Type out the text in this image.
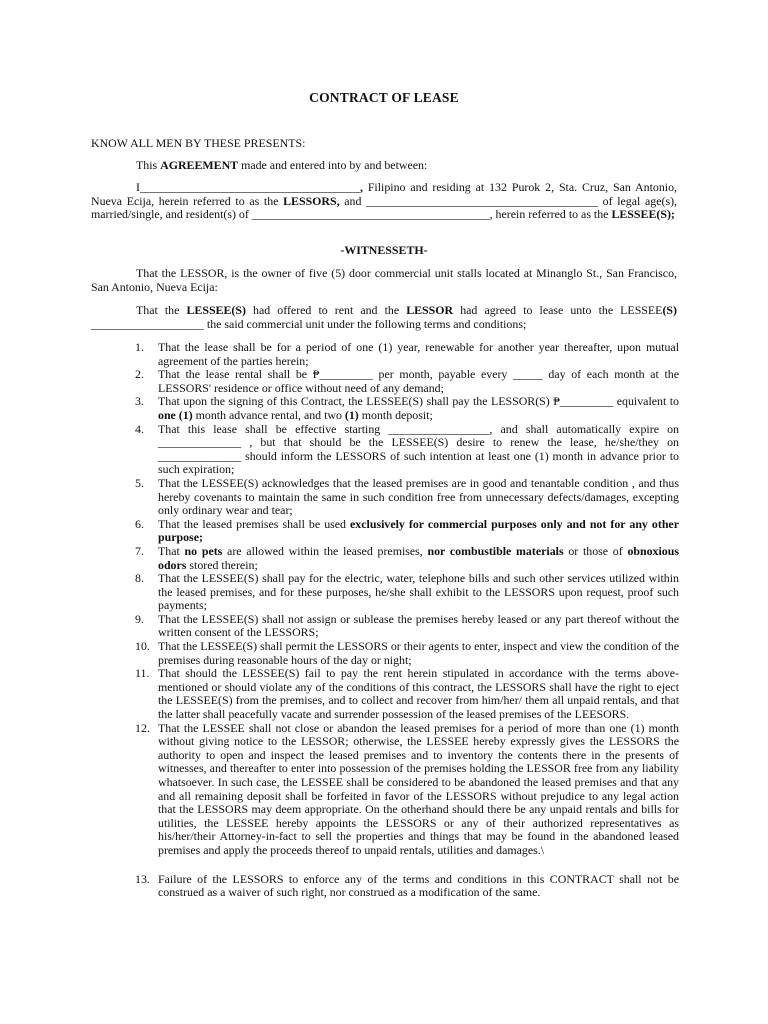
CONTRACT OF LEASE
KNOW ALL MEN BY THESE PRESENTS:
This AGREEMENT made and entered into by and between:
I_____________________________________, Filipino and residing at 132 Purok 2, Sta. Cruz, San Antonio, Nueva Ecija, herein referred to as the LESSORS, and _______________________________________ of legal age(s), married/single, and resident(s) of ________________________________________, herein referred to as the LESSEE(S);
-WITNESSETH-
That the LESSOR, is the owner of five (5) door commercial unit stalls located at Minanglo St., San Francisco, San Antonio, Nueva Ecija:
That the LESSEE(S) had offered to rent and the LESSOR had agreed to lease unto the LESSEE(S) ___________________ the said commercial unit under the following terms and conditions;
1. That the lease shall be for a period of one (1) year, renewable for another year thereafter, upon mutual agreement of the parties herein;
2. That the lease rental shall be ₱_________ per month, payable every _____ day of each month at the LESSORS' residence or office without need of any demand;
3. That upon the signing of this Contract, the LESSEE(S) shall pay the LESSOR(S) ₱_________ equivalent to one (1) month advance rental, and two (1) month deposit;
4. That this lease shall be effective starting _________________, and shall automatically expire on ______________ , but that should be the LESSEE(S) desire to renew the lease, he/she/they on ______________ should inform the LESSORS of such intention at least one (1) month in advance prior to such expiration;
5. That the LESSEE(S) acknowledges that the leased premises are in good and tenantable condition , and thus hereby covenants to maintain the same in such condition free from unnecessary defects/damages, excepting only ordinary wear and tear;
6. That the leased premises shall be used exclusively for commercial purposes only and not for any other purpose;
7. That no pets are allowed within the leased premises, nor combustible materials or those of obnoxious odors stored therein;
8. That the LESSEE(S) shall pay for the electric, water, telephone bills and such other services utilized within the leased premises, and for these purposes, he/she shall exhibit to the LESSORS upon request, proof such payments;
9. That the LESSEE(S) shall not assign or sublease the premises hereby leased or any part thereof without the written consent of the LESSORS;
10. That the LESSEE(S) shall permit the LESSORS or their agents to enter, inspect and view the condition of the premises during reasonable hours of the day or night;
11. That should the LESSEE(S) fail to pay the rent herein stipulated in accordance with the terms above-mentioned or should violate any of the conditions of this contract, the LESSORS shall have the right to eject the LESSEE(S) from the premises, and to collect and recover from him/her/ them all unpaid rentals, and that the latter shall peacefully vacate and surrender possession of the leased premises of the LEESORS.
12. That the LESSEE shall not close or abandon the leased premises for a period of more than one (1) month without giving notice to the LESSOR; otherwise, the LESSEE hereby expressly gives the LESSORS the authority to open and inspect the leased premises and to inventory the contents there in the presents of witnesses, and thereafter to enter into possession of the premises holding the LESSOR free from any liability whatsoever. In such case, the LESSEE shall be considered to be abandoned the leased premises and that any and all remaining deposit shall be forfeited in favor of the LESSORS without prejudice to any legal action that the LESSORS may deem appropriate. On the otherhand should there be any unpaid rentals and bills for utilities, the LESSEE hereby appoints the LESSORS or any of their authorized representatives as his/her/their Attorney-in-fact to sell the properties and things that may be found in the abandoned leased premises and apply the proceeds thereof to unpaid rentals, utilities and damages.\
13. Failure of the LESSORS to enforce any of the terms and conditions in this CONTRACT shall not be construed as a waiver of such right, nor construed as a modification of the same.
